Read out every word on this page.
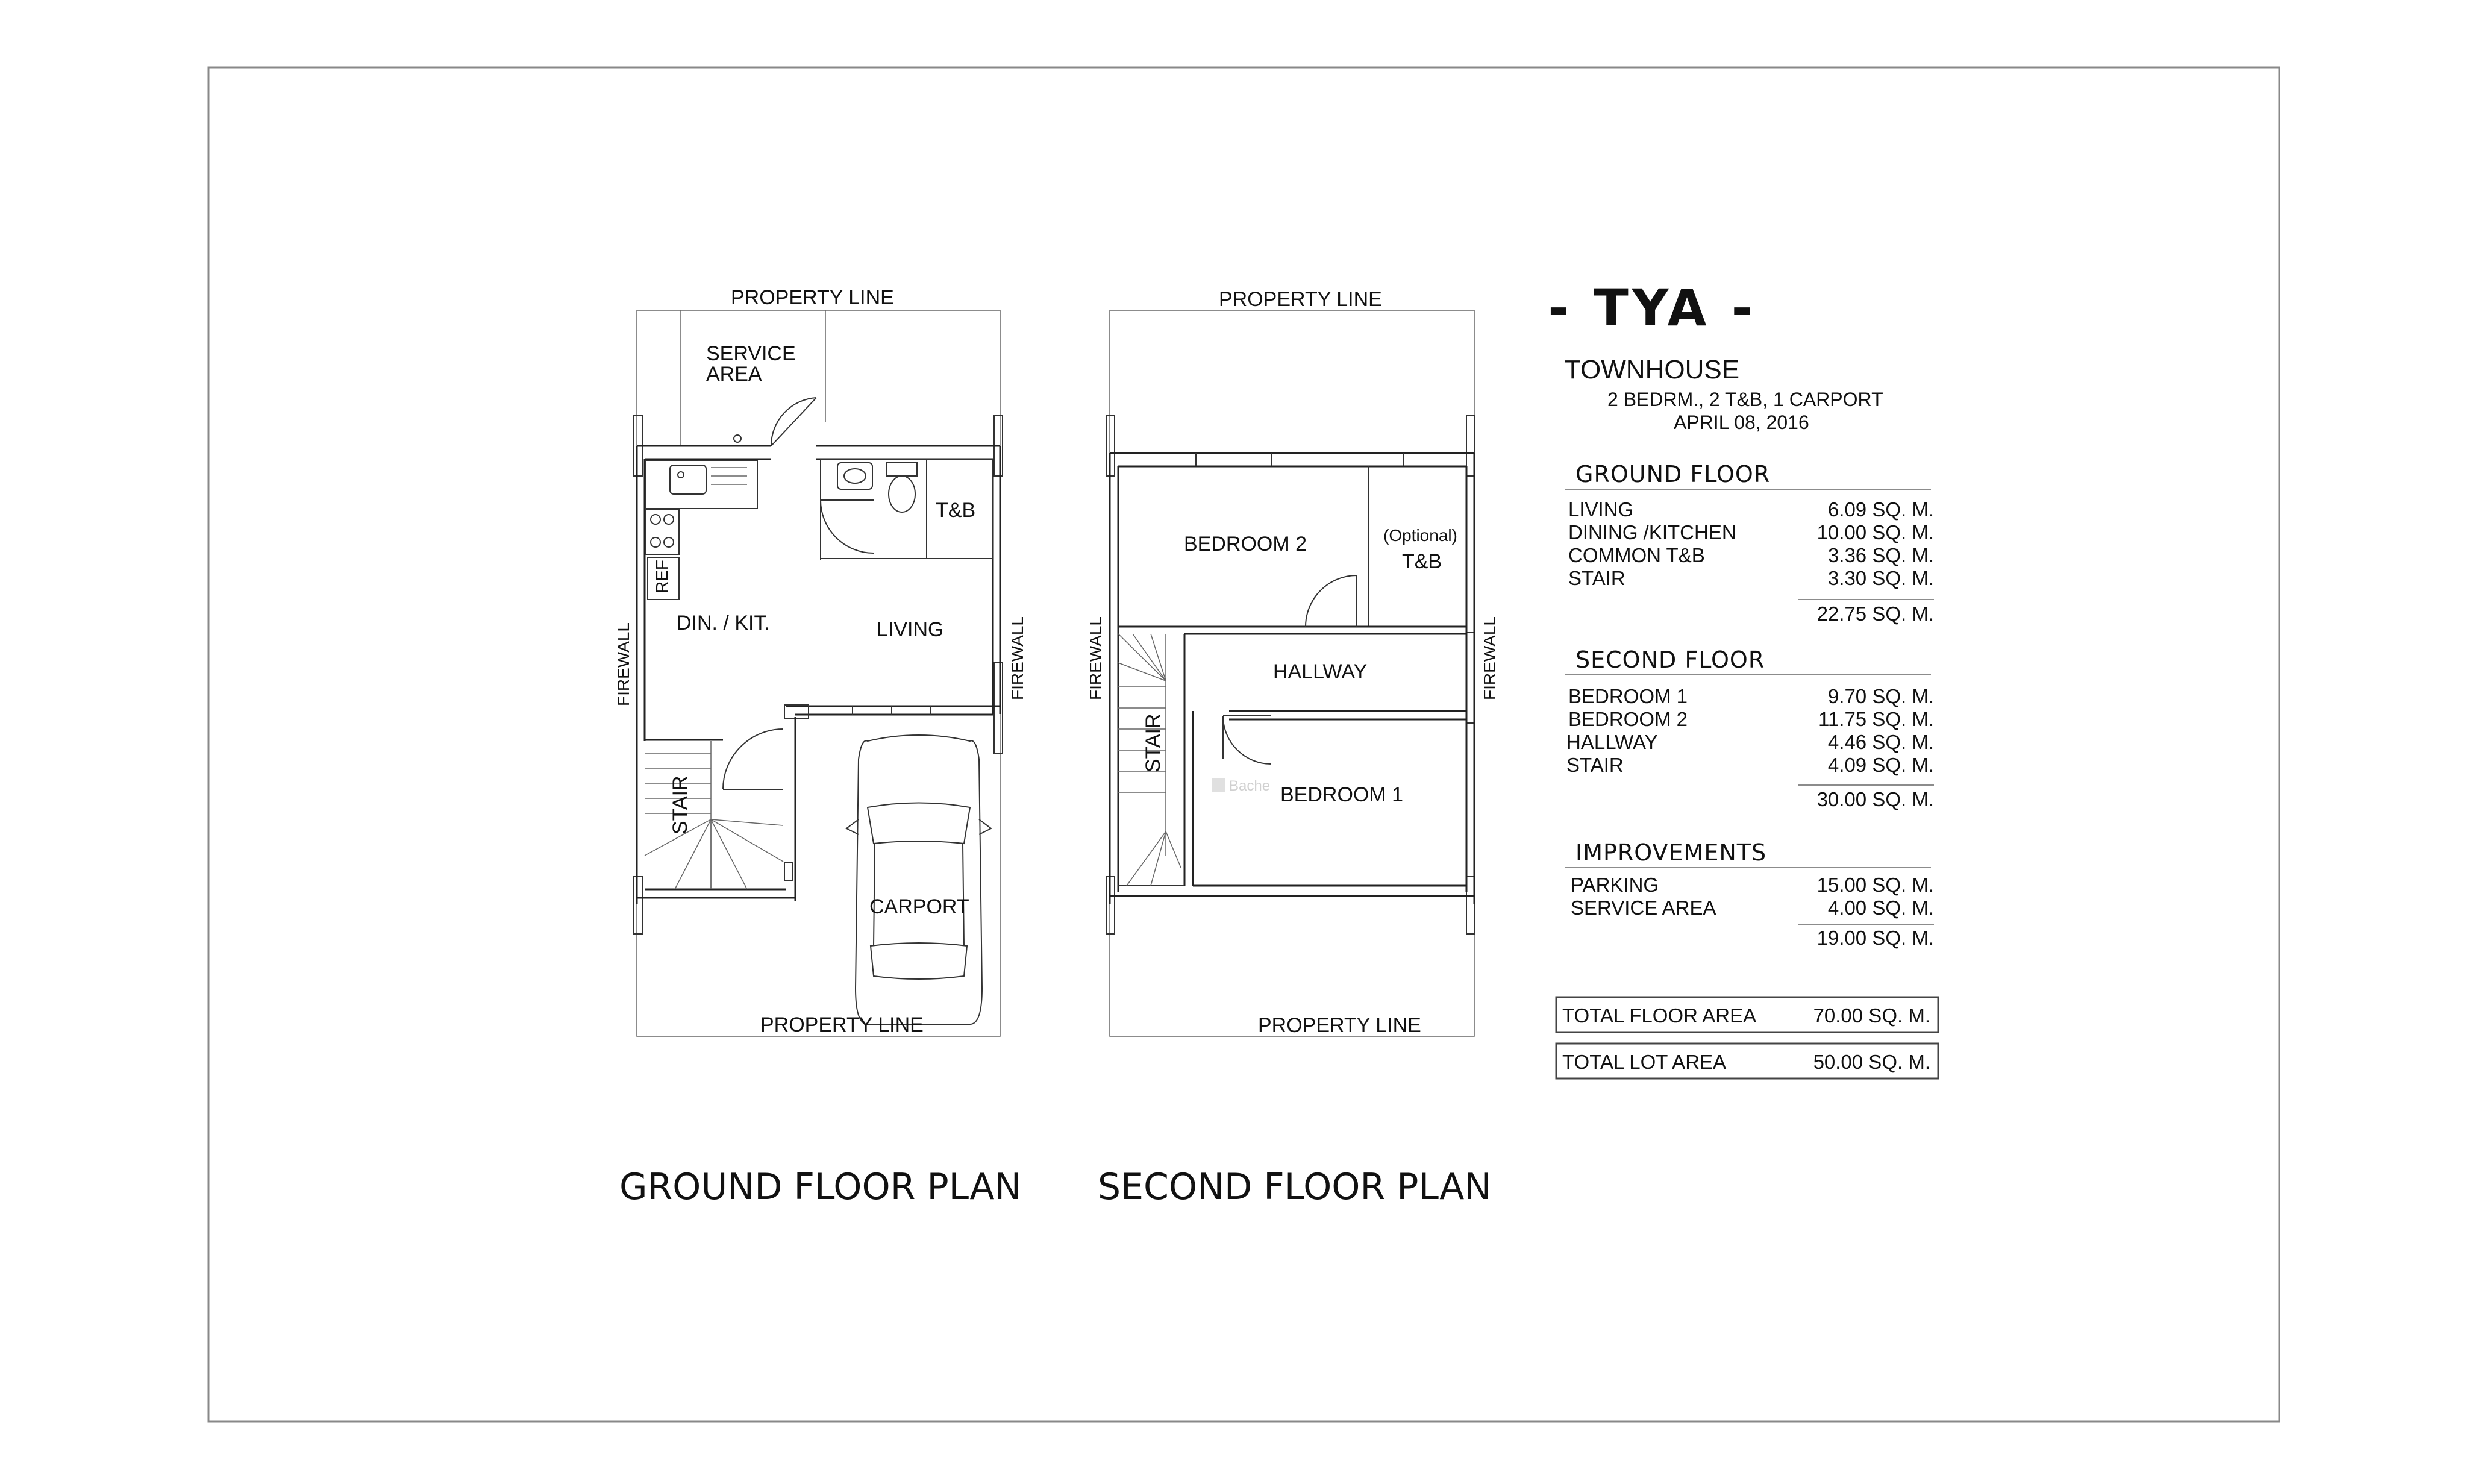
REF
PROPERTY LINE
SERVICE
AREA
T&B
DIN. / KIT.	LIVING
STAIR
CARPORT
PROPERTY LINE
FIREWALL	FIREWALL
Bache
PROPERTY LINE
BEDROOM 2	(Optional)
T&B
HALLWAY
STAIR
BEDROOM 1
PROPERTY LINE
FIREWALL	FIREWALL
GROUND FLOOR PLAN SECOND FLOOR PLAN
- TYA -
TOWNHOUSE
2 BEDRM., 2 T&B, 1 CARPORT
APRIL 08, 2016
GROUND FLOOR
LIVING	6.09 SQ. M.
DINING /KITCHEN	10.00 SQ. M.
COMMON T&B	3.36 SQ. M.
STAIR	3.30 SQ. M.
22.75 SQ. M.
SECOND FLOOR
BEDROOM 1	9.70 SQ. M.
BEDROOM 2	11.75 SQ. M.
HALLWAY	4.46 SQ. M.
STAIR	4.09 SQ. M.
30.00 SQ. M.
IMPROVEMENTS
PARKING	15.00 SQ. M.
SERVICE AREA	4.00 SQ. M.
19.00 SQ. M.
TOTAL FLOOR AREA	70.00 SQ. M.
TOTAL LOT AREA	50.00 SQ. M.
